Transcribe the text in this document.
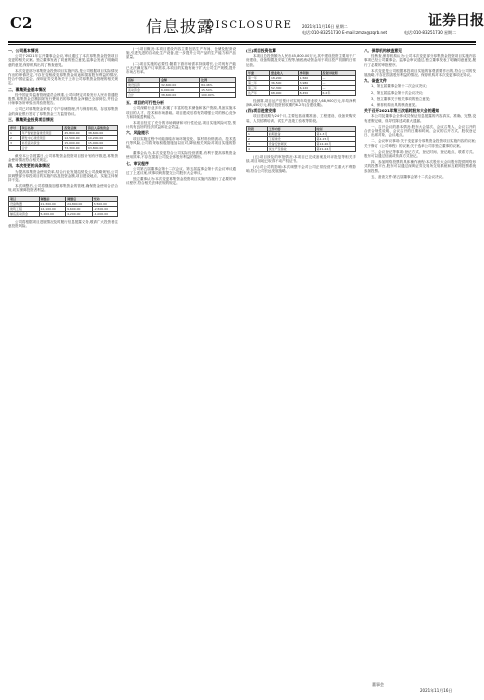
C2	信息披露
DISCLOSURE 2021年11月16日 星期二
电话:010-83251730 E-mail:zmzx@zqrb.net	电话:010-83251730 星期二
证券日报
一、公司基本情况

公司于2021年召开董事会会议,审议通过了本次募集资金投资项目变更的相关议案。独立董事发表了同意的独立意见,监事会发表了明确同意的意见,保荐机构出具了核查意见。

本次变更部分募集资金投资项目实施内容,是公司根据项目实际情况作出的审慎决定,不存在变相改变募集资金用途和损害股东利益的情况,符合中国证监会、深圳证券交易所关于上市公司募集资金管理的相关规定。

二、募集资金基本情况

经中国证券监督管理委员会核准,公司向特定对象发行人民币普通股股票,募集资金总额扣除发行费用后的募集资金净额已全部到位,并经会计师事务所审验出具验资报告。

公司已对募集资金采取了专户存储管理,并与保荐机构、存放募集资金的商业银行签订了募集资金三方监管协议。

三、募集资金投资项目情况
序号	项目名称	投资总额	拟投入募集资金
1	年产智能装备建设项目	45,800.00	38,600.00
2	研发中心建设项目	12,500.00	10,200.00
3	补充流动资金	15,000.00	15,000.00
	合计	73,300.00	63,800.00

截至本公告披露日,公司募集资金投资项目按计划有序推进,募集资金使用情况符合相关规定。

四、本次变更的具体情况

为提高募集资金使用效率,结合行业发展趋势及公司战略规划,公司拟调整部分募投项目的实施内容及投资金额,项目建设地点、实施主体保持不变。

本次调整后,公司将继续加强募集资金的管理,确保资金使用合法合规,切实保障投资者利益。

项目	调整前	调整后	变动
设备购置	21,300.00	24,800.00	3,500.00
建筑工程	12,100.00	9,600.00	-2,500.00
铺底流动资金	5,200.00	4,200.00	-1,000.00

公司将根据项目进展情况及时履行信息披露义务,敬请广大投资者注意投资风险。

(一)项目概况:本项目建设内容主要包括生产车间、仓储及配套设施,引进先进的自动化生产设备,进一步提升公司产品的生产能力和产品质量。

(二)项目实施的必要性:随着下游市场需求持续增长,公司现有产能已无法满足客户订单需求,本项目的实施有助于扩大公司生产规模,提升市场占有率。

指标	金额	比例
建设投资	32,600.00	84.46%
流动资金	6,000.00	15.54%
合计	38,600.00	100.00%
五、项目的可行性分析

公司深耕行业多年,积累了丰富的技术储备和客户资源,具备实施本项目的人才、技术和市场基础。项目建成后将有效增强公司的核心竞争力和持续盈利能力。

本项目经过了充分的市场调研和可行性论证,项目实施风险可控,预计具有良好的经济效益和社会效益。

六、风险提示

项目实施过程中可能面临市场环境变化、原材料价格波动、技术迭代等风险,公司将采取积极措施加以应对,降低相关风险对项目实施的影响。

董事会认为,本次变更符合公司实际经营需要,有利于提高募集资金使用效率,不存在损害公司及全体股东利益的情形。

七、审议程序

公司第五届董事会第十二次会议、第五届监事会第十次会议审议通过了上述议案,该事项尚需提交公司股东大会审议。

独立董事认为:本次变更募集资金投资项目实施内容履行了必要的审议程序,符合相关法律法规的规定。

(三)项目投资估算

本项目总投资额为人民币45,800.00万元,其中建设投资主要用于厂房建设、设备购置及安装工程等,铺底流动资金用于项目投产初期的日常运营。

年度	营业收入	净利润	投资回收期
第一年	18,200	1,560	—
第二年	36,500	3,980	—
第三年	52,300	6,120	—
达产年	68,900	8,450	6.2年

经测算,项目达产后预计可实现年均营业收入68,900万元,年均净利润8,450万元,税后投资回收期约6.2年(含建设期)。

(四)项目进度安排

项目建设期为24个月,主要包括前期准备、工程建设、设备采购安装、人员招聘培训、试生产及竣工验收等阶段。

阶段	工作内容	时间
1	前期准备	第1-3月
2	工程建设	第4-15月
3	设备安装调试	第12-20月
4	试生产及验收	第21-24月

(五)项目涉及的审批情况:本项目已完成备案及环评批复等相关手续,项目用地已取得不动产权证书。

(六)对公司的影响:本次调整不会对公司正常经营产生重大不利影响,符合公司长远发展战略。

八、保荐机构核查意见

经核查,保荐机构认为:公司本次变更部分募集资金投资项目实施内容事项已经公司董事会、监事会审议通过,独立董事发表了明确同意意见,履行了必要的审批程序。

本次变更是公司根据募投项目实施的客观需要作出的,符合公司的发展战略,不存在损害股东利益的情况。保荐机构对本次变更事项无异议。

九、备查文件

1、第五届董事会第十二次会议决议;

2、第五届监事会第十次会议决议;

3、独立董事关于相关事项的独立意见;

4、保荐机构出具的核查意见。

关于召开2021年第三次临时股东大会的通知

本公司及董事会全体成员保证信息披露的内容真实、准确、完整,没有虚假记载、误导性陈述或重大遗漏。

一、召开会议的基本情况:股东大会届次、会议召集人、会议召开的合法合规性说明、会议召开的日期和时间、会议的召开方式、股权登记日、出席对象、会议地点。

二、会议审议事项:关于变更部分募集资金投资项目实施内容的议案;关于修订《公司章程》的议案;关于选举公司非独立董事的议案。

三、会议登记等事项:登记方式、登记时间、登记地点、联系方式。股东可以通过信函或传真方式登记。

四、参加网络投票的具体操作流程:本次股东大会向股东提供网络形式的投票平台,股东可以通过深圳证券交易所交易系统和互联网投票系统参加投票。

五、备查文件:第五届董事会第十二次会议决议。

董事会
2021年11月16日
